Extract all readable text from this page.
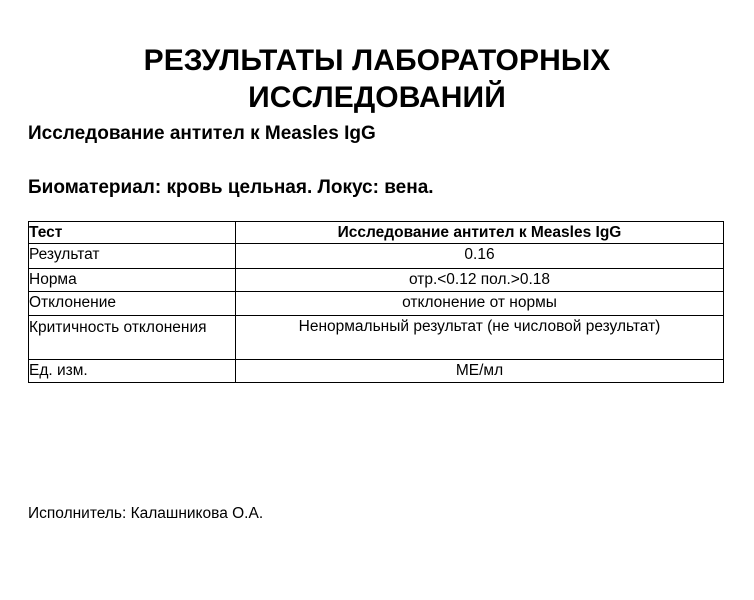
РЕЗУЛЬТАТЫ ЛАБОРАТОРНЫХ
ИССЛЕДОВАНИЙ
Исследование антител к Measles IgG
Биоматериал: кровь цельная. Локус: вена.
Тест	Исследование антител к Measles IgG
Результат	0.16
Норма	отр.<0.12 пол.>0.18
Отклонение	отклонение от нормы
Критичность отклонения	Ненормальный результат (не числовой результат)
Ед. изм.	МЕ/мл
Исполнитель: Калашникова О.А.
